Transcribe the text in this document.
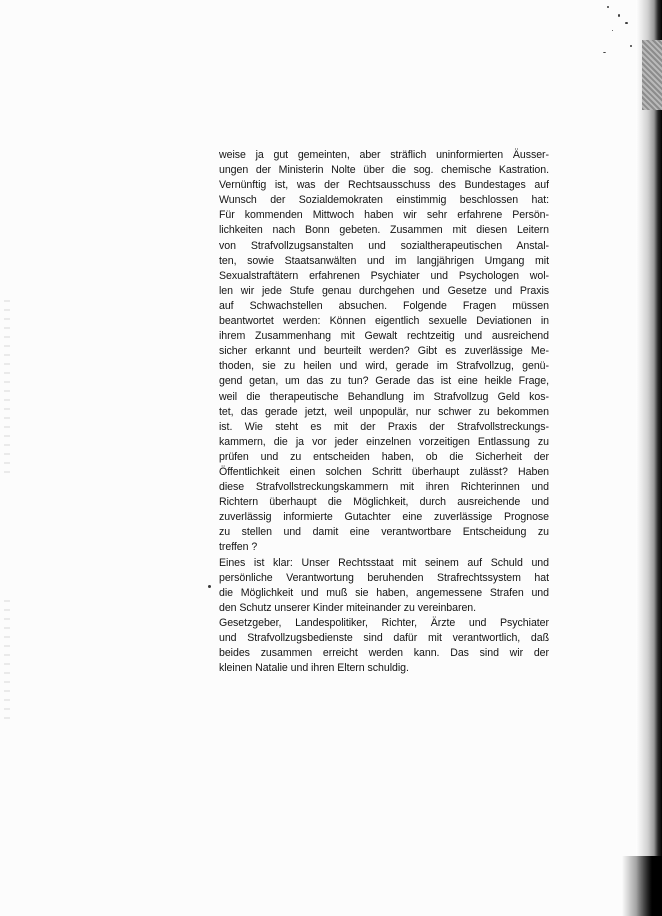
weise ja gut gemeinten, aber sträflich uninformierten Äusser-
ungen der Ministerin Nolte über die sog. chemische Kastration.
Vernünftig ist, was der Rechtsausschuss des Bundestages auf
Wunsch der Sozialdemokraten einstimmig beschlossen hat:
Für kommenden Mittwoch haben wir sehr erfahrene Persön-
lichkeiten nach Bonn gebeten. Zusammen mit diesen Leitern
von Strafvollzugsanstalten und sozialtherapeutischen Anstal-
ten, sowie Staatsanwälten und im langjährigen Umgang mit
Sexualstraftätern erfahrenen Psychiater und Psychologen wol-
len wir jede Stufe genau durchgehen und Gesetze und Praxis
auf Schwachstellen absuchen. Folgende Fragen müssen
beantwortet werden: Können eigentlich sexuelle Deviationen in
ihrem Zusammenhang mit Gewalt rechtzeitig und ausreichend
sicher erkannt und beurteilt werden? Gibt es zuverlässige Me-
thoden, sie zu heilen und wird, gerade im Strafvollzug, genü-
gend getan, um das zu tun? Gerade das ist eine heikle Frage,
weil die therapeutische Behandlung im Strafvollzug Geld kos-
tet, das gerade jetzt, weil unpopulär, nur schwer zu bekommen
ist. Wie steht es mit der Praxis der Strafvollstreckungs-
kammern, die ja vor jeder einzelnen vorzeitigen Entlassung zu
prüfen und zu entscheiden haben, ob die Sicherheit der
Öffentlichkeit einen solchen Schritt überhaupt zulässt? Haben
diese Strafvollstreckungskammern mit ihren Richterinnen und
Richtern überhaupt die Möglichkeit, durch ausreichende und
zuverlässig informierte Gutachter eine zuverlässige Prognose
zu stellen und damit eine verantwortbare Entscheidung zu
treffen ?
Eines ist klar: Unser Rechtsstaat mit seinem auf Schuld und
persönliche Verantwortung beruhenden Strafrechtssystem hat
die Möglichkeit und muß sie haben, angemessene Strafen und
den Schutz unserer Kinder miteinander zu vereinbaren.
Gesetzgeber, Landespolitiker, Richter, Ärzte und Psychiater
und Strafvollzugsbedienste sind dafür mit verantwortlich, daß
beides zusammen erreicht werden kann. Das sind wir der
kleinen Natalie und ihren Eltern schuldig.
